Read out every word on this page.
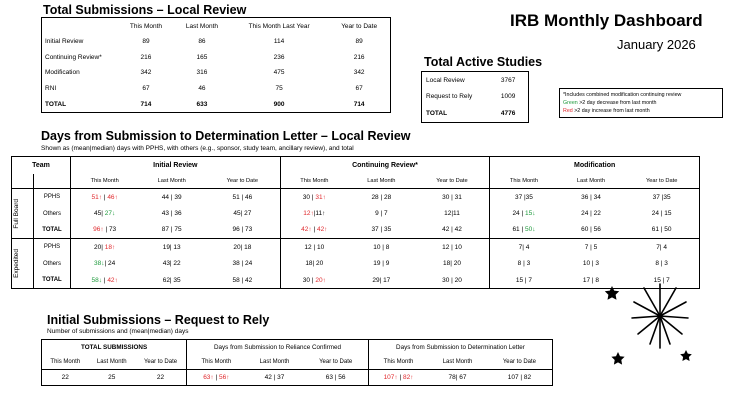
IRB Monthly Dashboard
January 2026
Total Submissions – Local Review
	This Month	Last Month	This Month Last Year	Year to Date
Initial Review	89	86	114	89
Continuing Review*	216	165	236	216
Modification	342	316	475	342
RNI	67	46	75	67
TOTAL	714	633	900	714
Total Active Studies
Local Review	3767
Request to Rely	1009
TOTAL	4776
*Includes combined modification continuing review
Green >2 day decrease from last month
Red >2 day increase from last month
Days from Submission to Determination Letter – Local Review
Shown as (mean|median) days with PPHS, with others (e.g., sponsor, study team, ancillary review), and total
Team		Initial Review			Continuing Review*			Modification		
		This Month	Last Month	Year to Date	This Month	Last Month	Year to Date	This Month	Last Month	Year to Date

Full Board	PPHS	51↑ | 46↑	44 | 39	51 | 46	30 | 31↑	28 | 28	30 | 31	37 |35	36 | 34	37 |35
	Others	45| 27↓	43 | 36	45| 27	12↑|11↑	9 | 7	12|11	24 | 15↓	24 | 22	24 | 15
	TOTAL	96↑ | 73	87 | 75	96 | 73	42↑ | 42↑	37 | 35	42 | 42	61 | 50↓	60 | 56	61 | 50

Expedited	PPHS	20| 18↑	19| 13	20| 18	12 | 10	10 | 8	12 | 10	7| 4	7 | 5	7| 4
	Others	38↓| 24	43| 22	38 | 24	18| 20	19 | 9	18| 20	8 | 3	10 | 3	8 | 3
	TOTAL	58↓ | 42↑	62| 35	58 | 42	30 | 20↑	29| 17	30 | 20	15 | 7	17 | 8	15 | 7
Initial Submissions – Request to Rely
Number of submissions and (mean|median) days
TOTAL SUBMISSIONS			Days from Submission to Reliance Confirmed			Days from Submission to Determination Letter		
This Month	Last Month	Year to Date	This Month	Last Month	Year to Date	This Month	Last Month	Year to Date
22	25	22	63↑ | 56↑	42 | 37	63 | 56	107↑ | 82↑	78| 67	107 | 82
